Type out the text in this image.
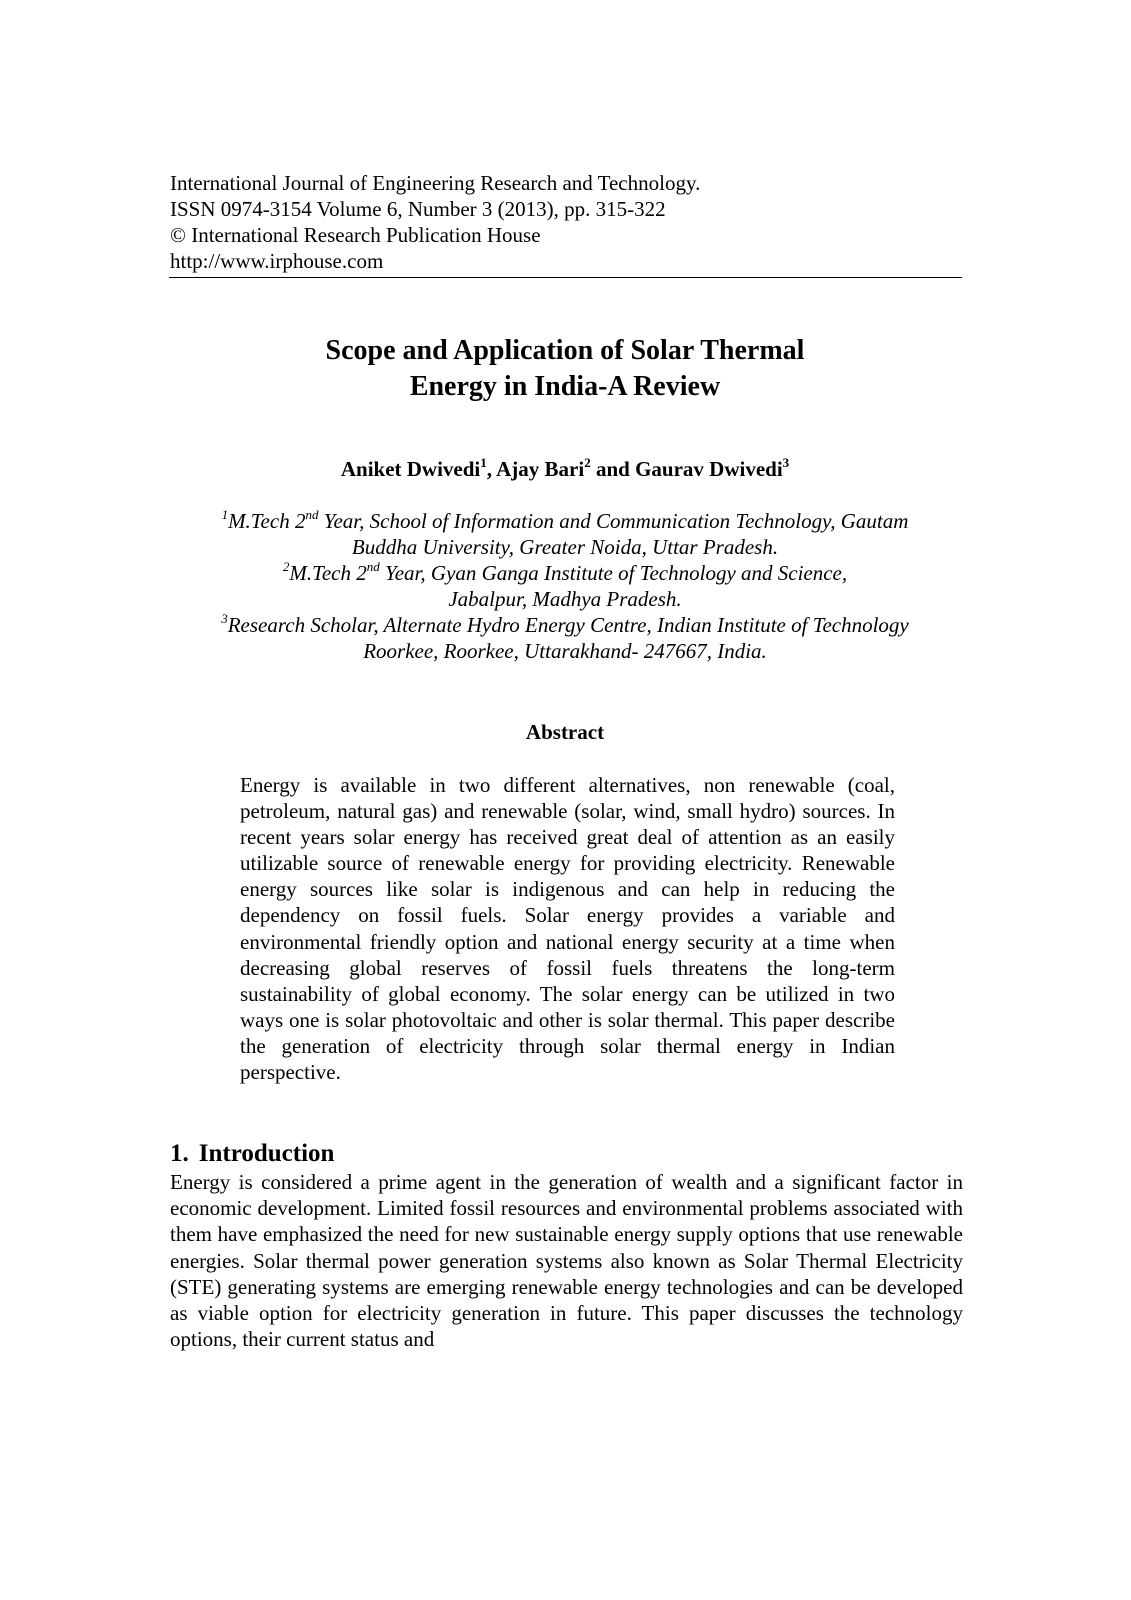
International Journal of Engineering Research and Technology.
ISSN 0974-3154 Volume 6, Number 3 (2013), pp. 315-322
© International Research Publication House
http://www.irphouse.com
Scope and Application of Solar Thermal
Energy in India-A Review
Aniket Dwivedi$^1$, Ajay Bari$^2$ and Gaurav Dwivedi$^3$
$^1$M.Tech 2nd Year, School of Information and Communication Technology, Gautam
Buddha University, Greater Noida, Uttar Pradesh.
$^2$M.Tech 2nd Year, Gyan Ganga Institute of Technology and Science,
Jabalpur, Madhya Pradesh.
$^3$Research Scholar, Alternate Hydro Energy Centre, Indian Institute of Technology
Roorkee, Roorkee, Uttarakhand- 247667, India.
Abstract
Energy is available in two different alternatives, non renewable (coal, petroleum, natural gas) and renewable (solar, wind, small hydro) sources. In recent years solar energy has received great deal of attention as an easily utilizable source of renewable energy for providing electricity. Renewable energy sources like solar is indigenous and can help in reducing the dependency on fossil fuels. Solar energy provides a variable and environmental friendly option and national energy security at a time when decreasing global reserves of fossil fuels threatens the long-term sustainability of global economy. The solar energy can be utilized in two ways one is solar photovoltaic and other is solar thermal. This paper describe the generation of electricity through solar thermal energy in Indian perspective.
1. Introduction
Energy is considered a prime agent in the generation of wealth and a significant factor in economic development. Limited fossil resources and environmental problems associated with them have emphasized the need for new sustainable energy supply options that use renewable energies. Solar thermal power generation systems also known as Solar Thermal Electricity (STE) generating systems are emerging renewable energy technologies and can be developed as viable option for electricity generation in future. This paper discusses the technology options, their current status and
